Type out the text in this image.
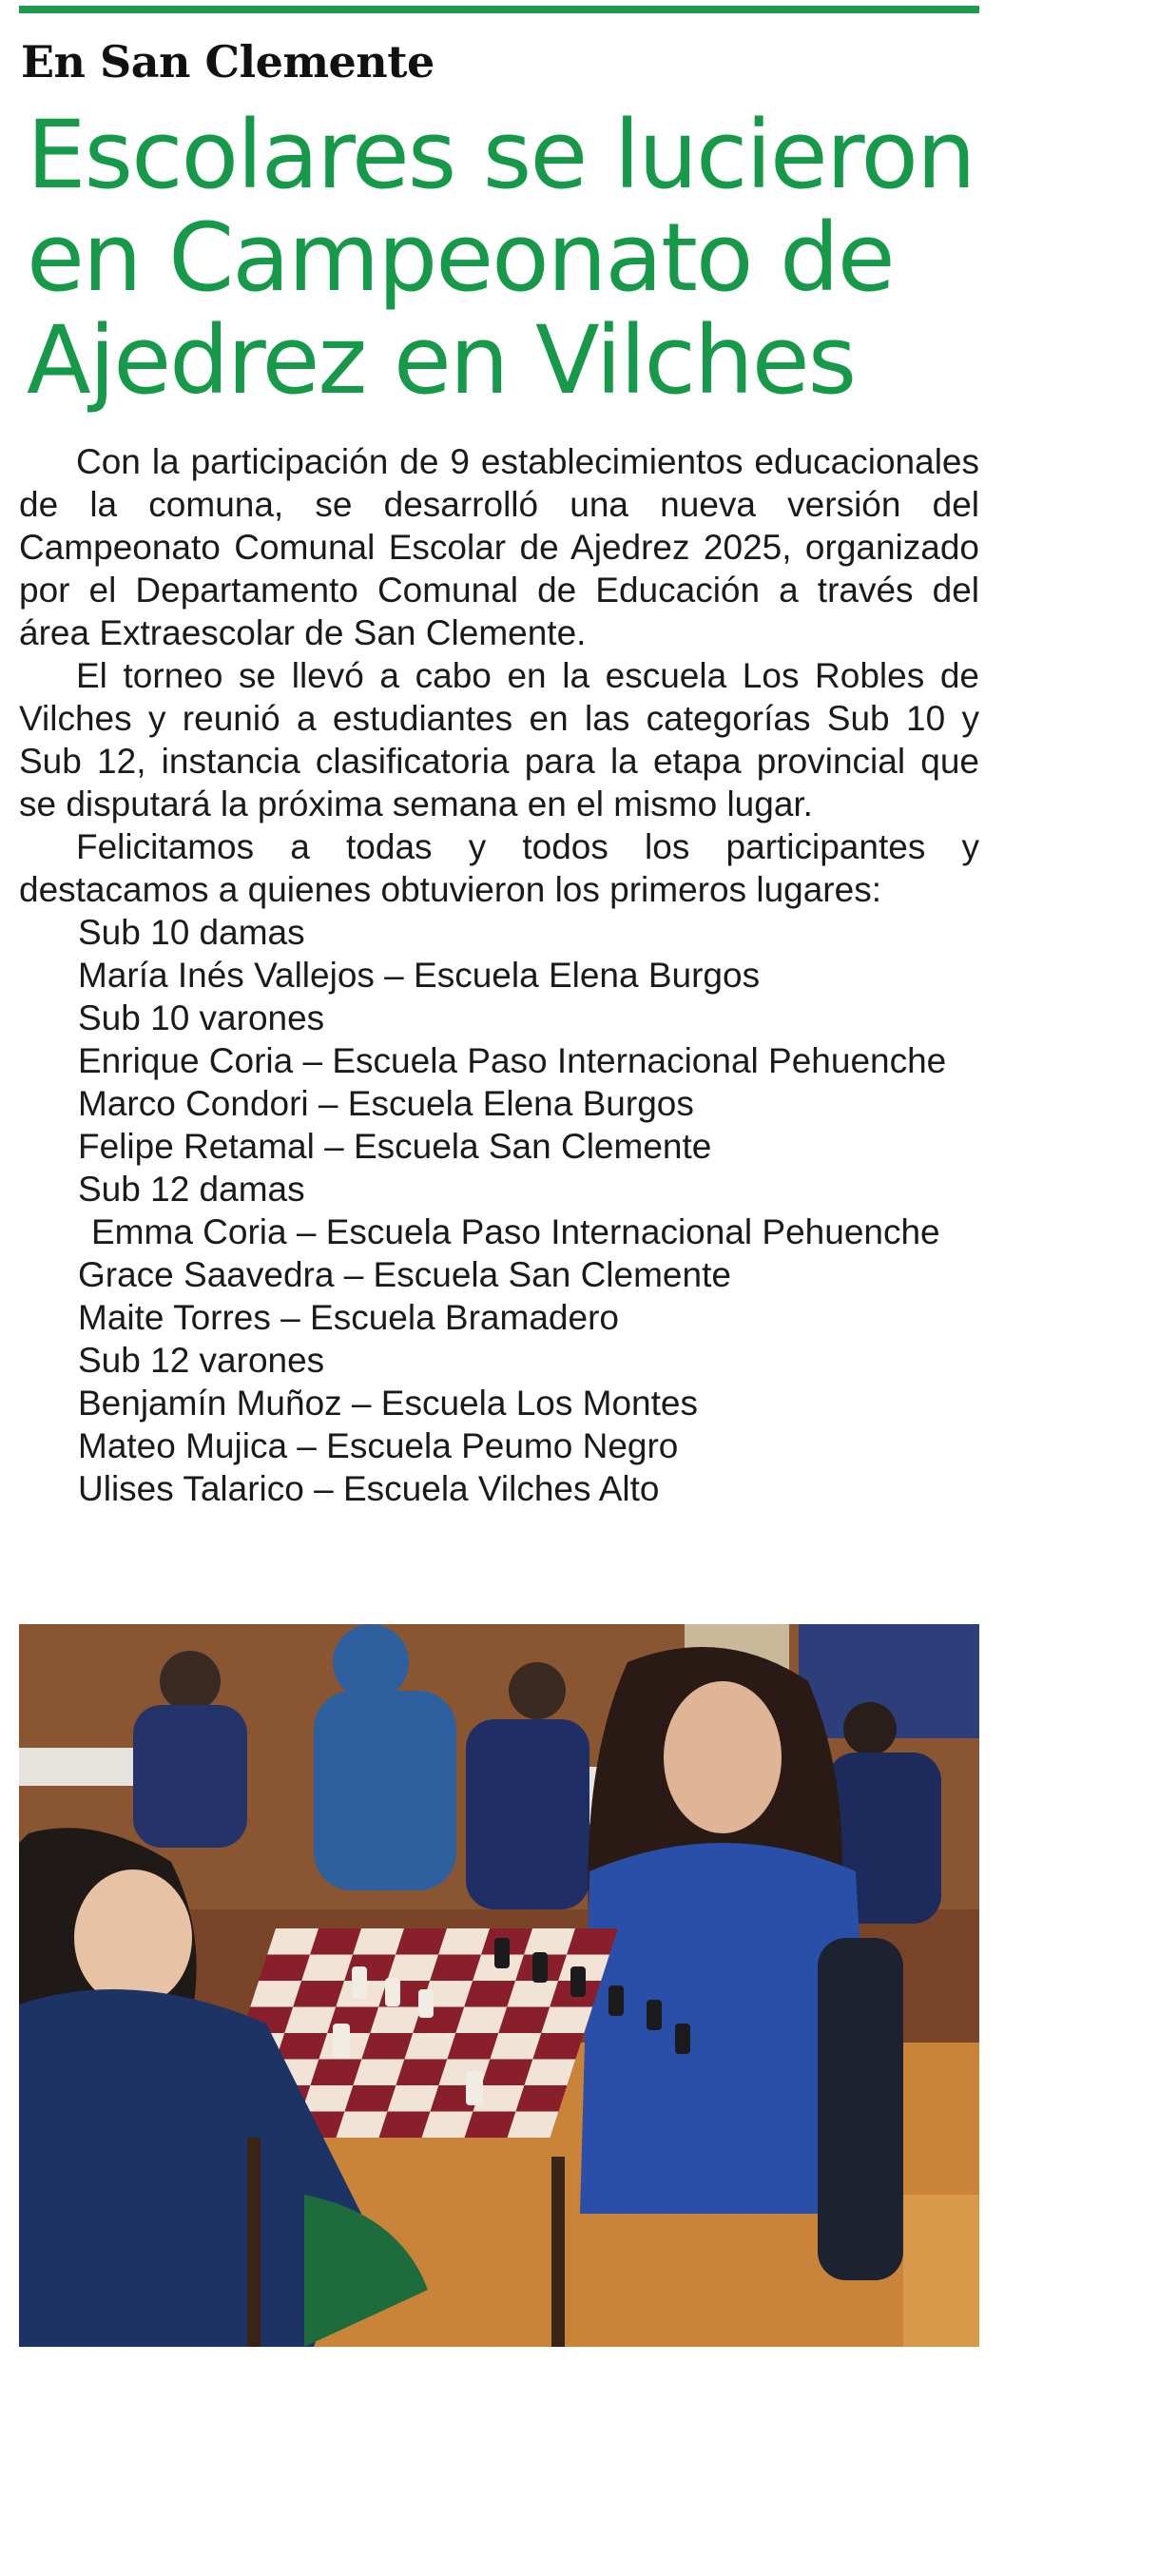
En San Clemente
Escolares se lucieron
en Campeonato de
Ajedrez en Vilches

Con la participación de 9 establecimientos educacionales de la comuna, se desarrolló una nueva versión del Campeonato Comunal Escolar de Ajedrez 2025, organizado por el Departamento Comunal de Educación a través del área Extraescolar de San Clemente.

El torneo se llevó a cabo en la escuela Los Robles de Vilches y reunió a estudiantes en las categorías Sub 10 y Sub 12, instancia clasificatoria para la etapa provincial que se disputará la próxima semana en el mismo lugar.

Felicitamos a todas y todos los participantes y destacamos a quienes obtuvieron los primeros lugares:

Sub 10 damas
María Inés Vallejos – Escuela Elena Burgos
Sub 10 varones
Enrique Coria – Escuela Paso Internacional Pehuenche
Marco Condori – Escuela Elena Burgos
Felipe Retamal – Escuela San Clemente
Sub 12 damas
Emma Coria – Escuela Paso Internacional Pehuenche
Grace Saavedra – Escuela San Clemente
Maite Torres – Escuela Bramadero
Sub 12 varones
Benjamín Muñoz – Escuela Los Montes
Mateo Mujica – Escuela Peumo Negro
Ulises Talarico – Escuela Vilches Alto
